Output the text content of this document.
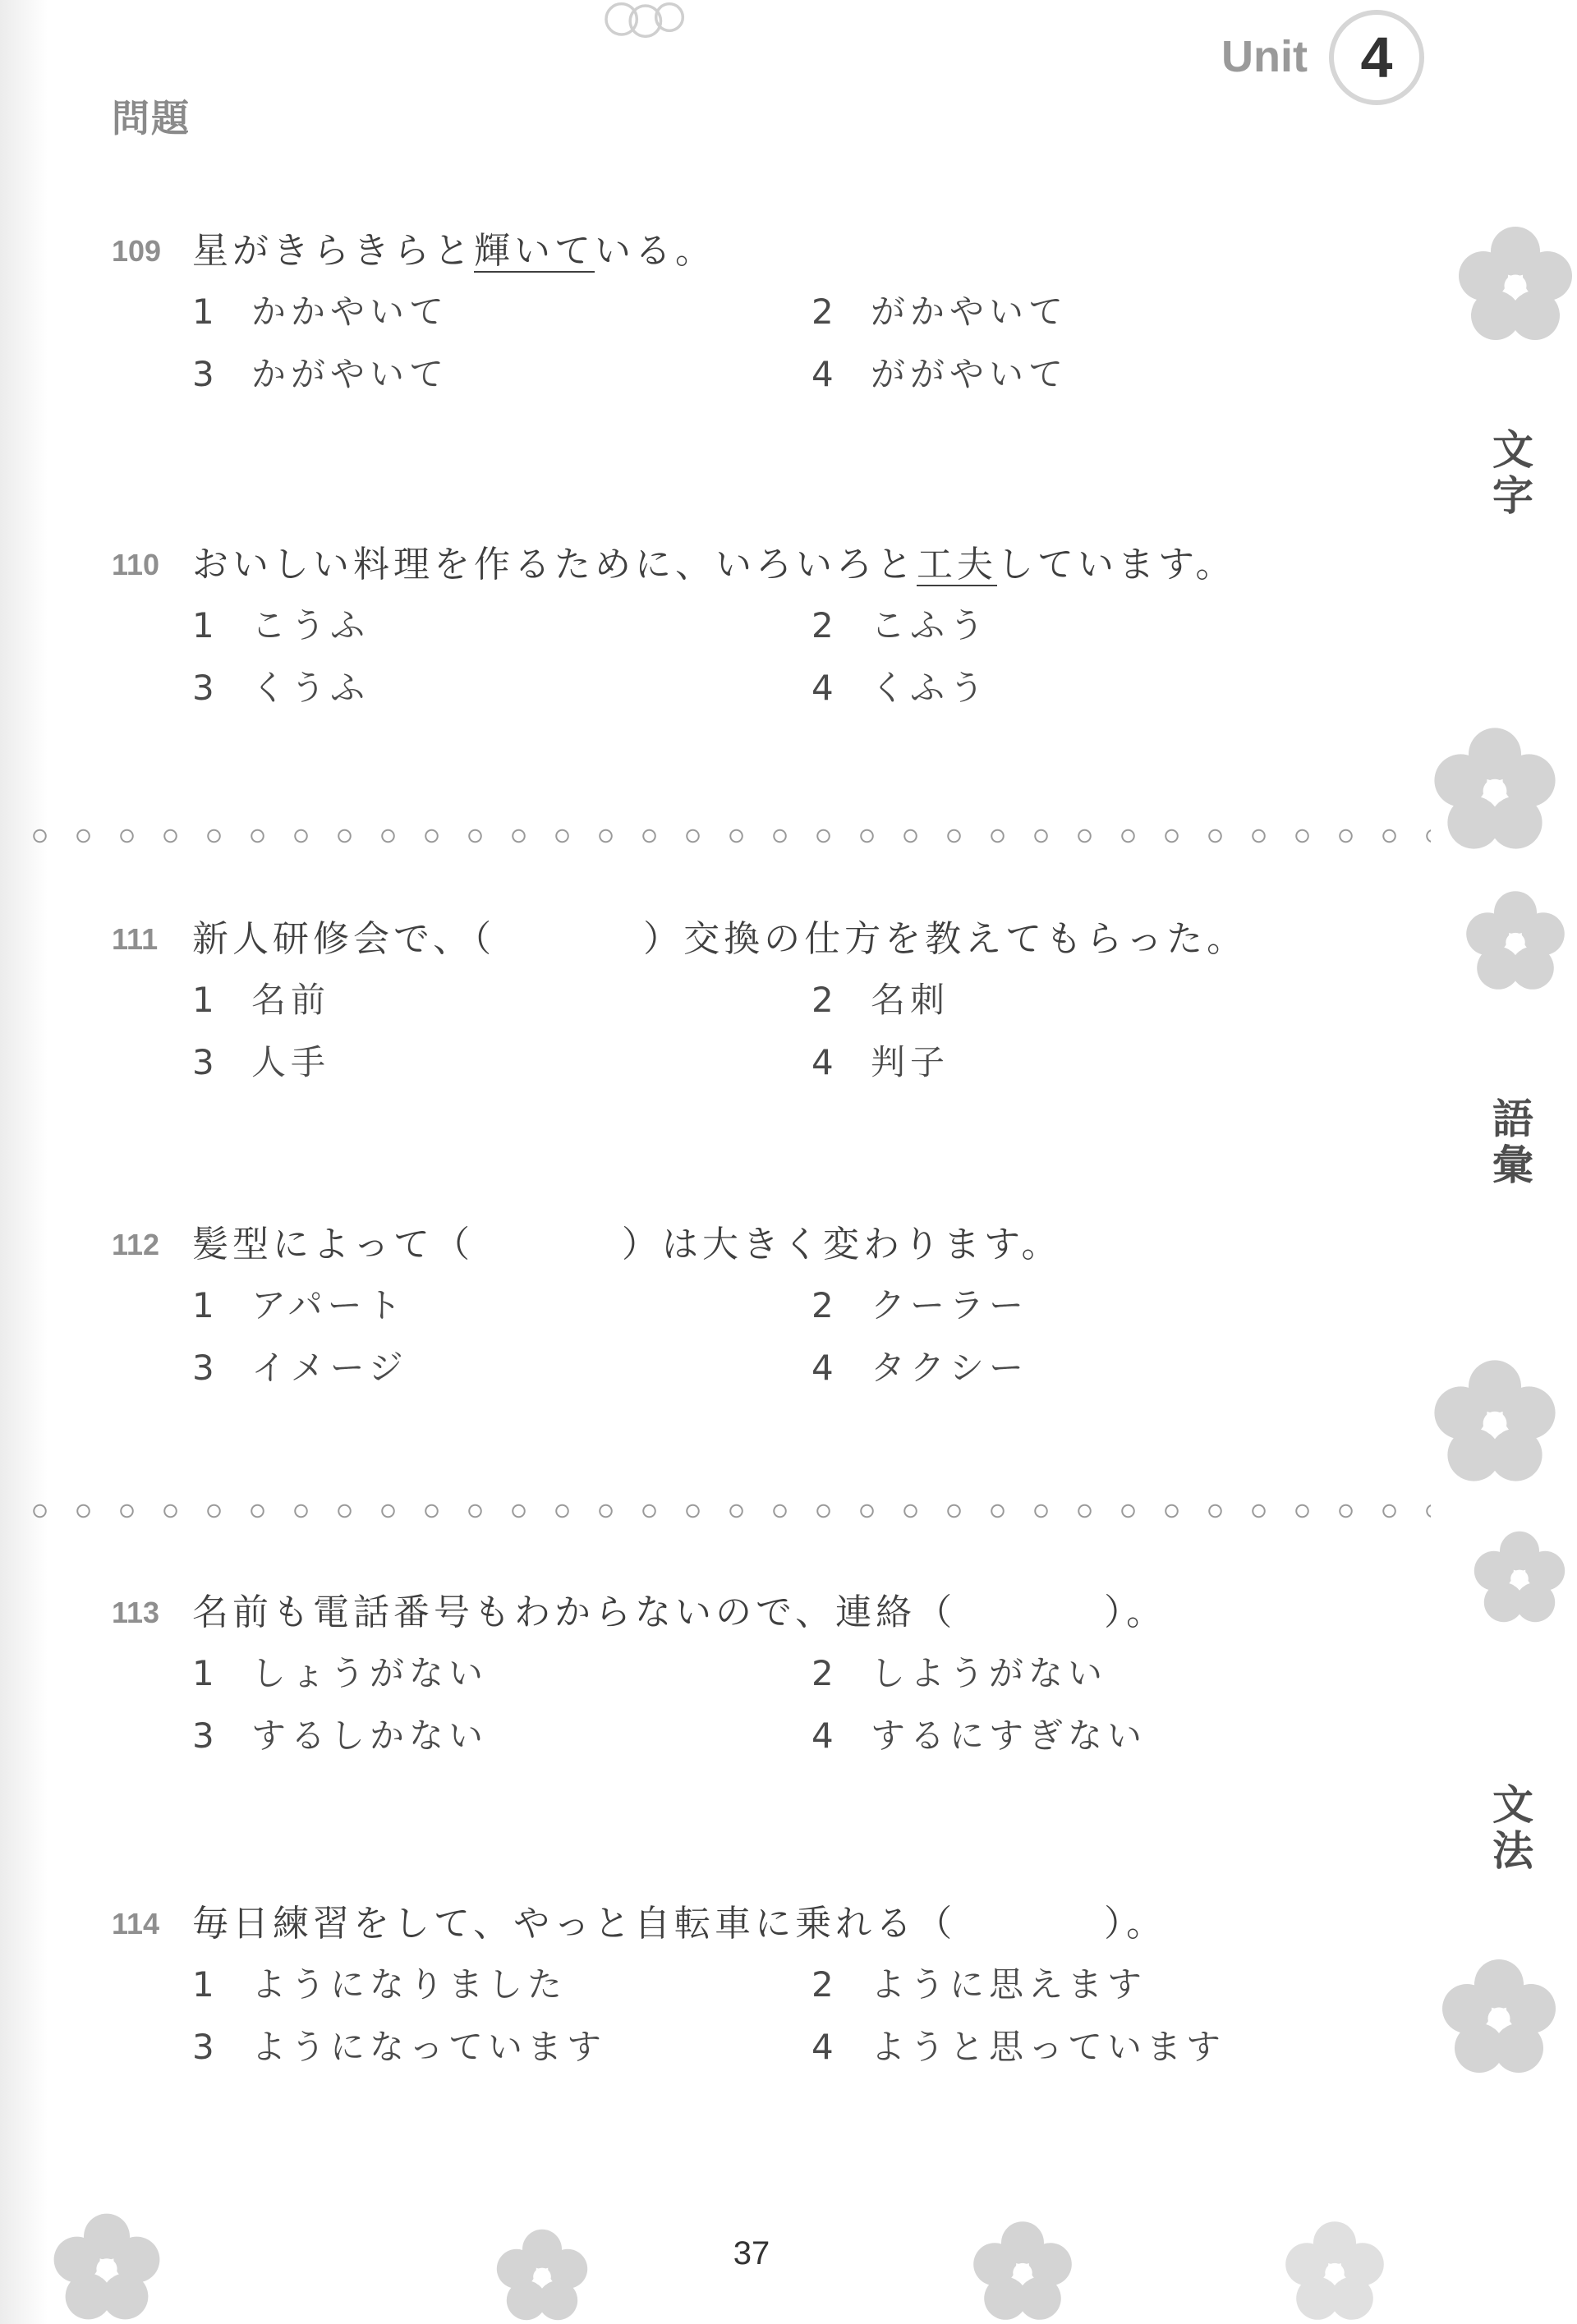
問題
Unit 4
文字
語彙
文法
109 星がきらきらと輝いている。
1 かかやいて	2 がかやいて
3 かがやいて	4 ががやいて
110 おいしい料理を作るために、いろいろと工夫しています。
1 こうふ	2 こふう
3 くうふ	4 くふう
111 新人研修会で、（	）交換の仕方を教えてもらった。
1 名前	2 名刺
3 人手	4 判子
112 髪型によって（	）は大きく変わります。
1 アパート	2 クーラー
3 イメージ	4 タクシー
113 名前も電話番号もわからないので、連絡（	）。
1 しょうがない	2 しようがない
3 するしかない	4 するにすぎない
114 毎日練習をして、やっと自転車に乗れる（	）。
1 ようになりました	2 ように思えます
3 ようになっています	4 ようと思っています
37
